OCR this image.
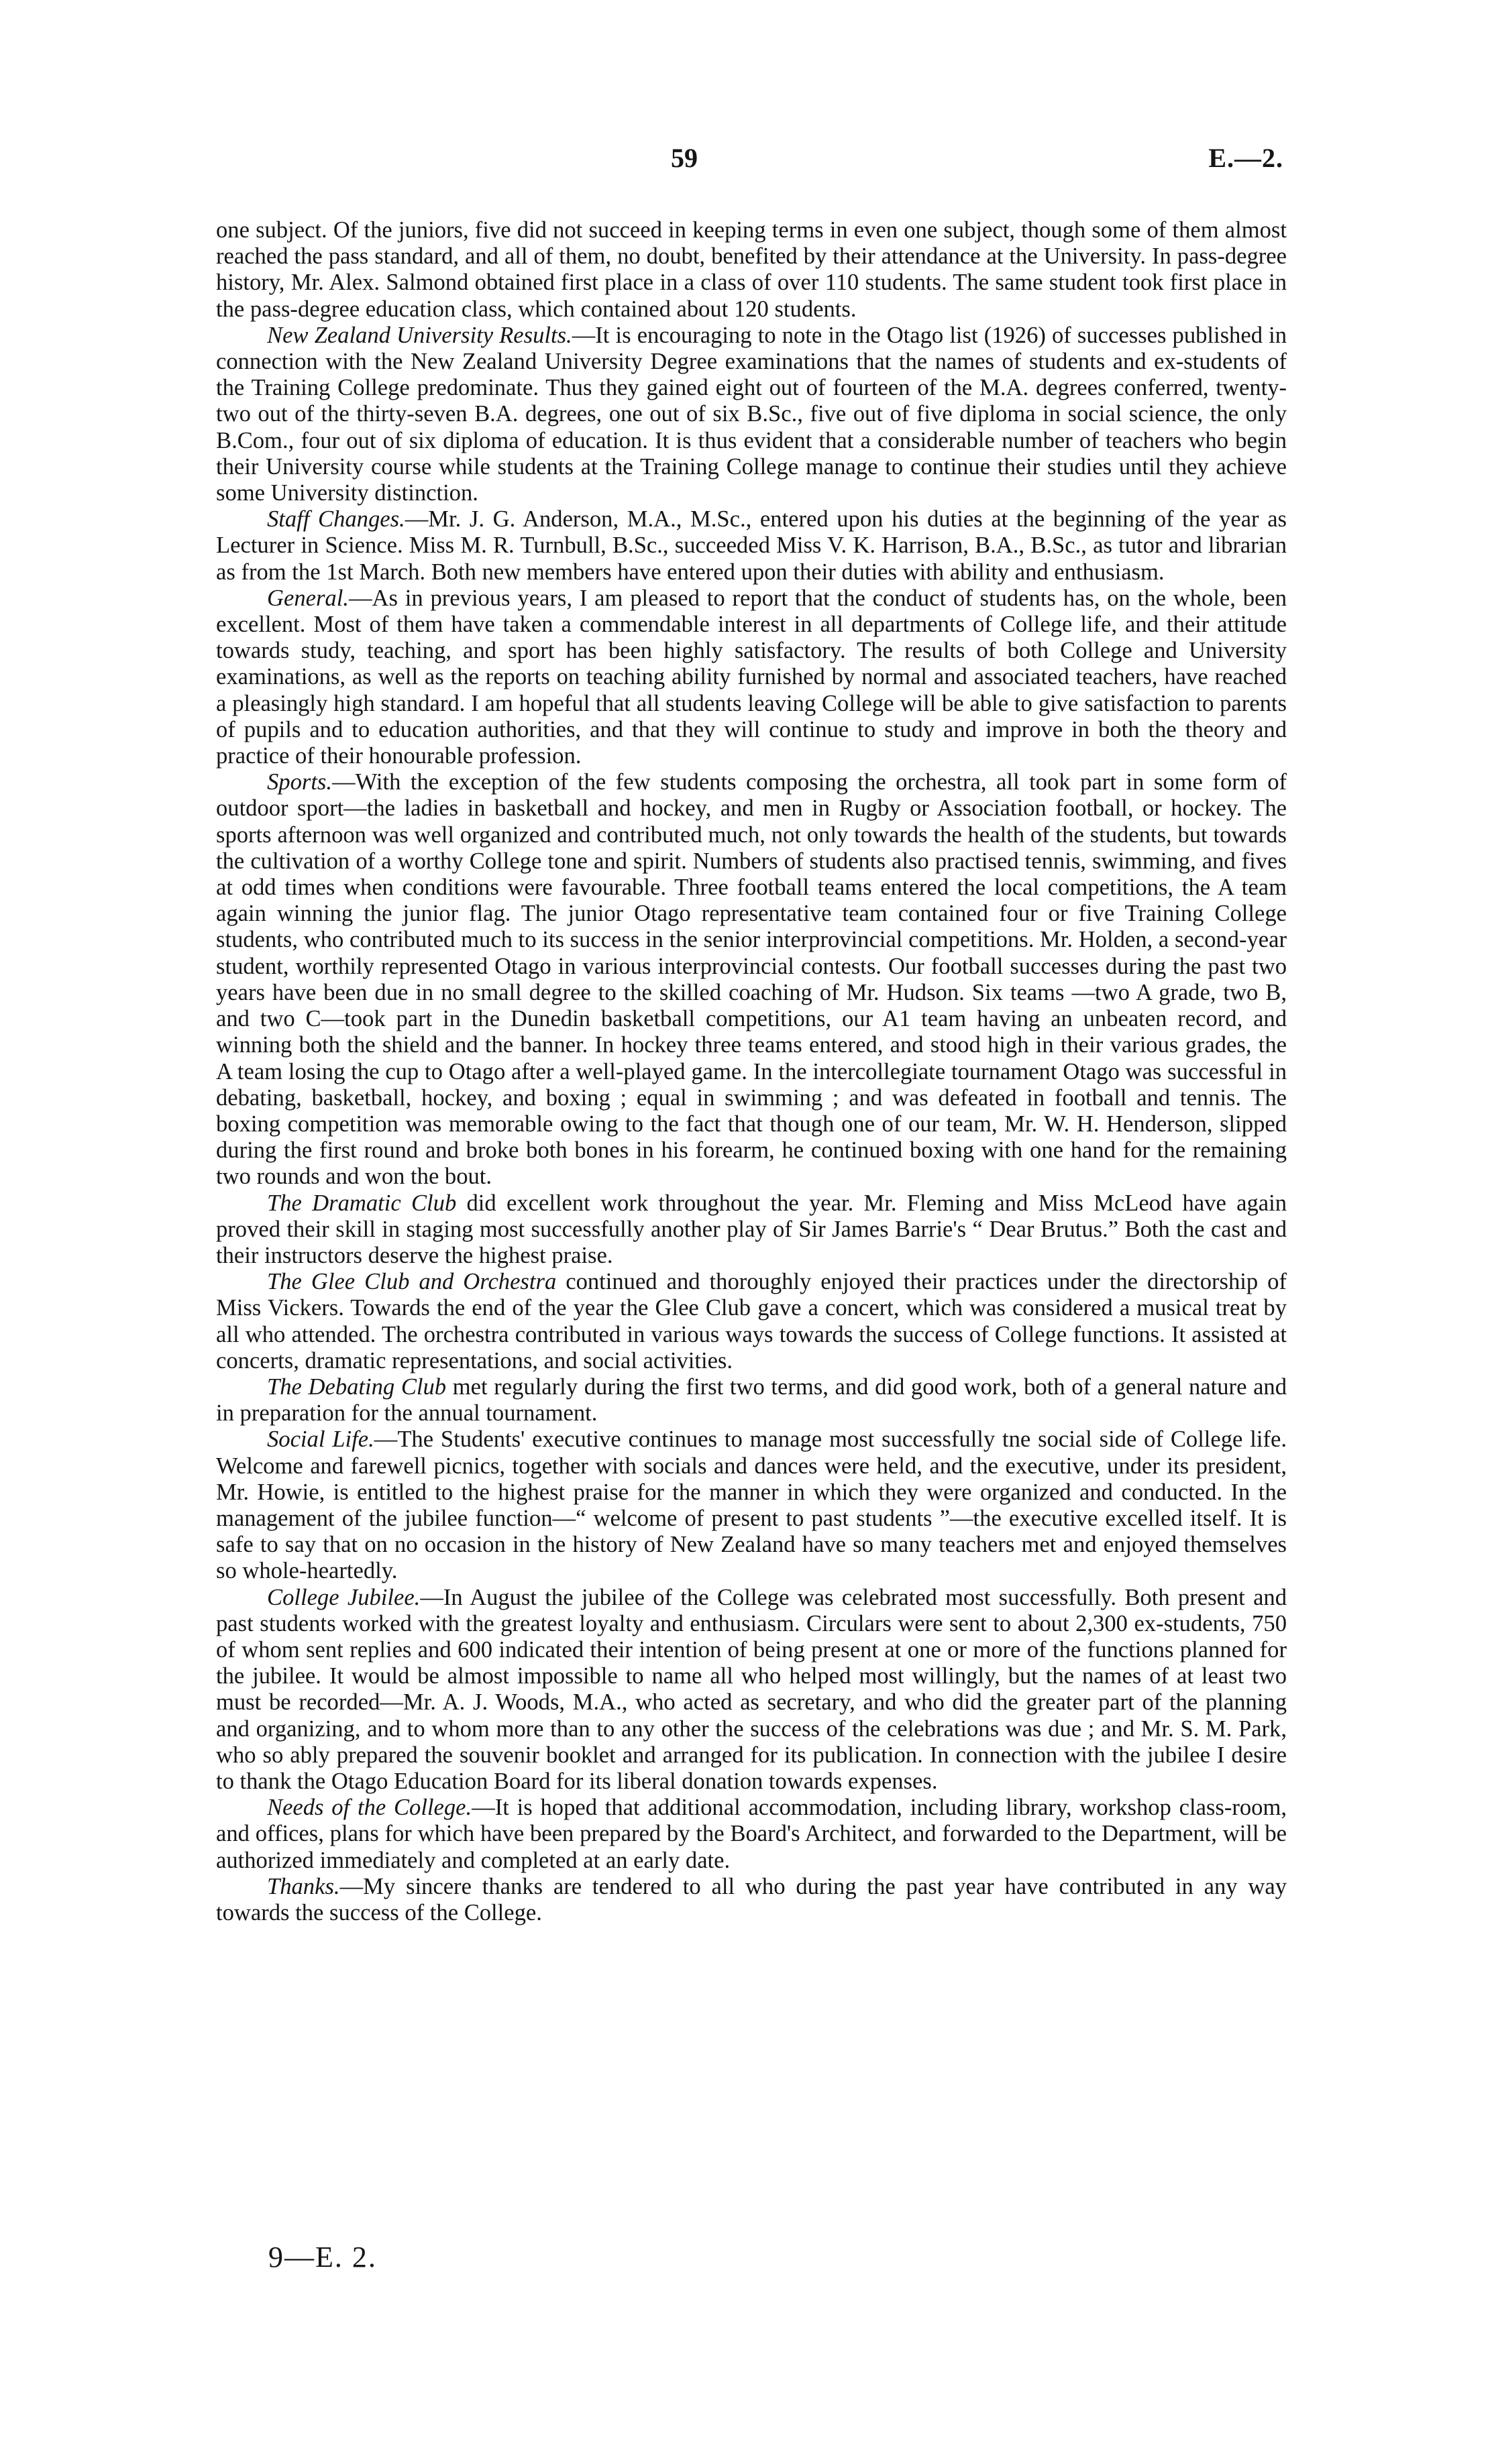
59	E.—2.

one subject. Of the juniors, five did not succeed in keeping terms in even one subject, though some of them almost reached the pass standard, and all of them, no doubt, benefited by their attendance at the University. In pass-degree history, Mr. Alex. Salmond obtained first place in a class of over 110 students. The same student took first place in the pass-degree education class, which contained about 120 students.

New Zealand University Results.—It is encouraging to note in the Otago list (1926) of successes published in connection with the New Zealand University Degree examinations that the names of students and ex-students of the Training College predominate. Thus they gained eight out of fourteen of the M.A. degrees conferred, twenty-two out of the thirty-seven B.A. degrees, one out of six B.Sc., five out of five diploma in social science, the only B.Com., four out of six diploma of education. It is thus evident that a considerable number of teachers who begin their University course while students at the Training College manage to continue their studies until they achieve some University distinction.

Staff Changes.—Mr. J. G. Anderson, M.A., M.Sc., entered upon his duties at the beginning of the year as Lecturer in Science. Miss M. R. Turnbull, B.Sc., succeeded Miss V. K. Harrison, B.A., B.Sc., as tutor and librarian as from the 1st March. Both new members have entered upon their duties with ability and enthusiasm.

General.—As in previous years, I am pleased to report that the conduct of students has, on the whole, been excellent. Most of them have taken a commendable interest in all departments of College life, and their attitude towards study, teaching, and sport has been highly satisfactory. The results of both College and University examinations, as well as the reports on teaching ability furnished by normal and associated teachers, have reached a pleasingly high standard. I am hopeful that all students leaving College will be able to give satisfaction to parents of pupils and to education authorities, and that they will continue to study and improve in both the theory and practice of their honourable profession.

Sports.—With the exception of the few students composing the orchestra, all took part in some form of outdoor sport—the ladies in basketball and hockey, and men in Rugby or Association football, or hockey. The sports afternoon was well organized and contributed much, not only towards the health of the students, but towards the cultivation of a worthy College tone and spirit. Numbers of students also practised tennis, swimming, and fives at odd times when conditions were favourable. Three football teams entered the local competitions, the A team again winning the junior flag. The junior Otago representative team contained four or five Training College students, who contributed much to its success in the senior interprovincial competitions. Mr. Holden, a second-year student, worthily represented Otago in various interprovincial contests. Our football successes during the past two years have been due in no small degree to the skilled coaching of Mr. Hudson. Six teams —two A grade, two B, and two C—took part in the Dunedin basketball competitions, our A1 team having an unbeaten record, and winning both the shield and the banner. In hockey three teams entered, and stood high in their various grades, the A team losing the cup to Otago after a well-played game. In the intercollegiate tournament Otago was successful in debating, basketball, hockey, and boxing ; equal in swimming ; and was defeated in football and tennis. The boxing competition was memorable owing to the fact that though one of our team, Mr. W. H. Henderson, slipped during the first round and broke both bones in his forearm, he continued boxing with one hand for the remaining two rounds and won the bout.

The Dramatic Club did excellent work throughout the year. Mr. Fleming and Miss McLeod have again proved their skill in staging most successfully another play of Sir James Barrie's “ Dear Brutus.” Both the cast and their instructors deserve the highest praise.

The Glee Club and Orchestra continued and thoroughly enjoyed their practices under the directorship of Miss Vickers. Towards the end of the year the Glee Club gave a concert, which was considered a musical treat by all who attended. The orchestra contributed in various ways towards the success of College functions. It assisted at concerts, dramatic representations, and social activities.

The Debating Club met regularly during the first two terms, and did good work, both of a general nature and in preparation for the annual tournament.

Social Life.—The Students' executive continues to manage most successfully tne social side of College life. Welcome and farewell picnics, together with socials and dances were held, and the executive, under its president, Mr. Howie, is entitled to the highest praise for the manner in which they were organized and conducted. In the management of the jubilee function—“ welcome of present to past students ”—the executive excelled itself. It is safe to say that on no occasion in the history of New Zealand have so many teachers met and enjoyed themselves so whole-heartedly.

College Jubilee.—In August the jubilee of the College was celebrated most successfully. Both present and past students worked with the greatest loyalty and enthusiasm. Circulars were sent to about 2,300 ex-students, 750 of whom sent replies and 600 indicated their intention of being present at one or more of the functions planned for the jubilee. It would be almost impossible to name all who helped most willingly, but the names of at least two must be recorded—Mr. A. J. Woods, M.A., who acted as secretary, and who did the greater part of the planning and organizing, and to whom more than to any other the success of the celebrations was due ; and Mr. S. M. Park, who so ably prepared the souvenir booklet and arranged for its publication. In connection with the jubilee I desire to thank the Otago Education Board for its liberal donation towards expenses.

Needs of the College.—It is hoped that additional accommodation, including library, workshop class-room, and offices, plans for which have been prepared by the Board's Architect, and forwarded to the Department, will be authorized immediately and completed at an early date.

Thanks.—My sincere thanks are tendered to all who during the past year have contributed in any way towards the success of the College.

9—E. 2.
